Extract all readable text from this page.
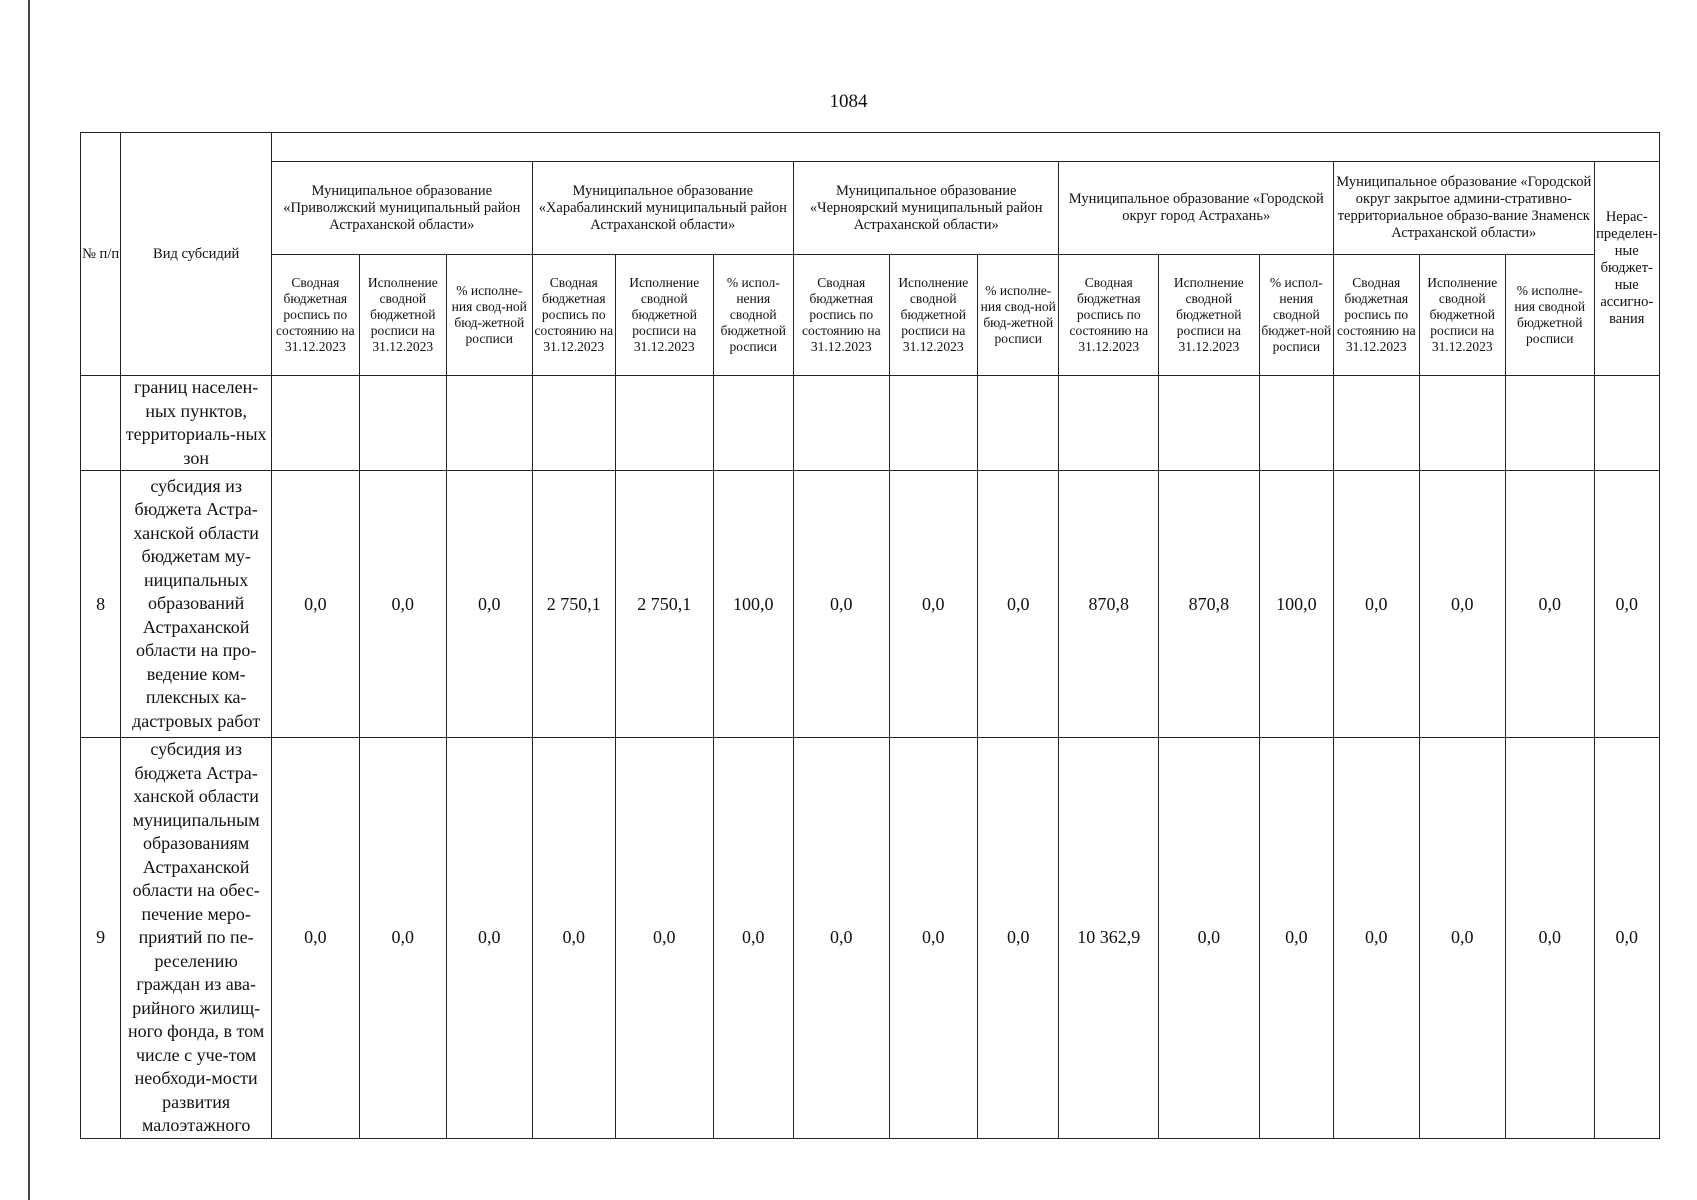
1084
№ п/п	Вид субсидий																
		Муниципальное образование «Приволжский муниципальный район Астраханской области»			Муниципальное образование «Харабалинский муниципальный район Астраханской области»			Муниципальное образование «Черноярский муниципальный район Астраханской области»			Муниципальное образование «Городской округ город Астрахань»			Муниципальное образование «Городской округ закрытое админи-стративно-территориальное образо-вание Знаменск Астраханской области»			Нерас-пределен-ные бюджет-ные ассигно-вания
		Сводная бюджетная роспись по состоянию на 31.12.2023	Исполнение сводной бюджетной росписи на 31.12.2023	% исполне-ния свод-ной бюд-жетной росписи	Сводная бюджетная роспись по состоянию на 31.12.2023	Исполнение сводной бюджетной росписи на 31.12.2023	% испол-нения сводной бюджетной росписи	Сводная бюджетная роспись по состоянию на 31.12.2023	Исполнение сводной бюджетной росписи на 31.12.2023	% исполне-ния свод-ной бюд-жетной росписи	Сводная бюджетная роспись по состоянию на 31.12.2023	Исполнение сводной бюджетной росписи на 31.12.2023	% испол-нения сводной бюджет-ной росписи	Сводная бюджетная роспись по состоянию на 31.12.2023	Исполнение сводной бюджетной росписи на 31.12.2023	% исполне-ния сводной бюджетной росписи	
	границ населен-ных пунктов, территориаль-ных зон																
8	субсидия из бюджета Астра-ханской области бюджетам му-ниципальных образований Астраханской области на про-ведение ком-плексных ка-дастровых работ	0,0	0,0	0,0	2 750,1	2 750,1	100,0	0,0	0,0	0,0	870,8	870,8	100,0	0,0	0,0	0,0	0,0
9	субсидия из бюджета Астра-ханской области муниципальным образованиям Астраханской области на обес-печение меро-приятий по пе-реселению граждан из ава-рийного жилищ-ного фонда, в том числе с уче-том необходи-мости развития малоэтажного	0,0	0,0	0,0	0,0	0,0	0,0	0,0	0,0	0,0	10 362,9	0,0	0,0	0,0	0,0	0,0	0,0
